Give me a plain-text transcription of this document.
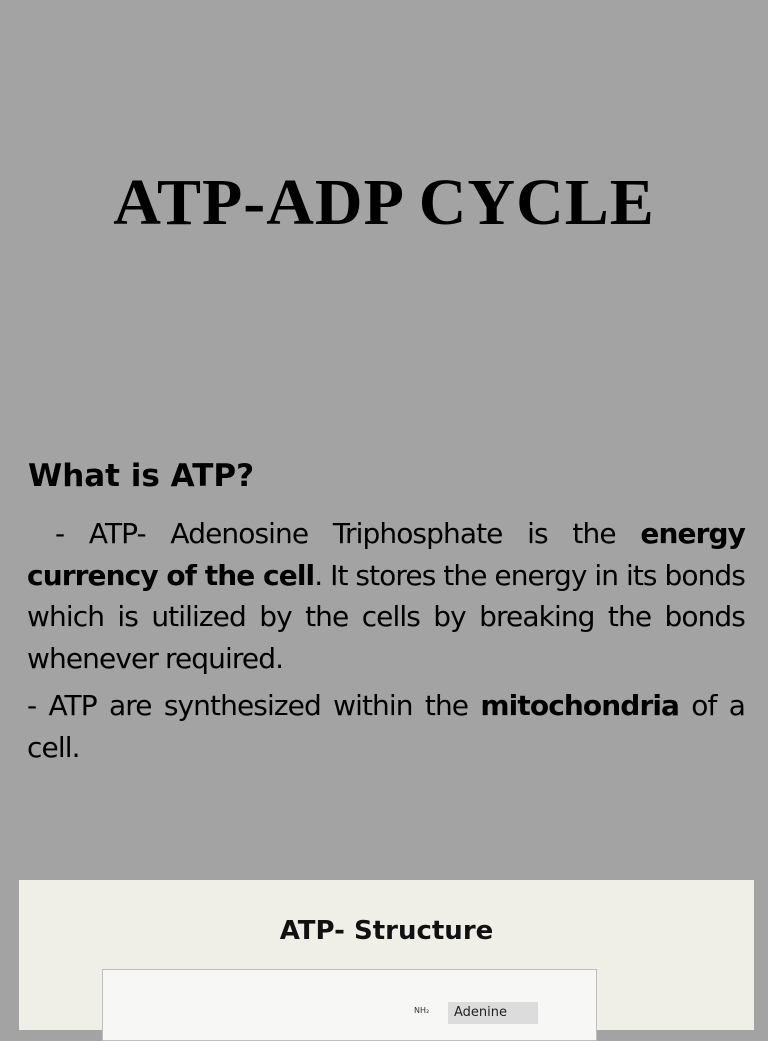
ATP-ADP CYCLE
What is ATP?

- ATP- Adenosine Triphosphate is the energy currency of the cell. It stores the energy in its bonds which is utilized by the cells by breaking the bonds whenever required.

- ATP are synthesized within the mitochondria of a cell.

ATP- Structure
NH₂	Adenine
